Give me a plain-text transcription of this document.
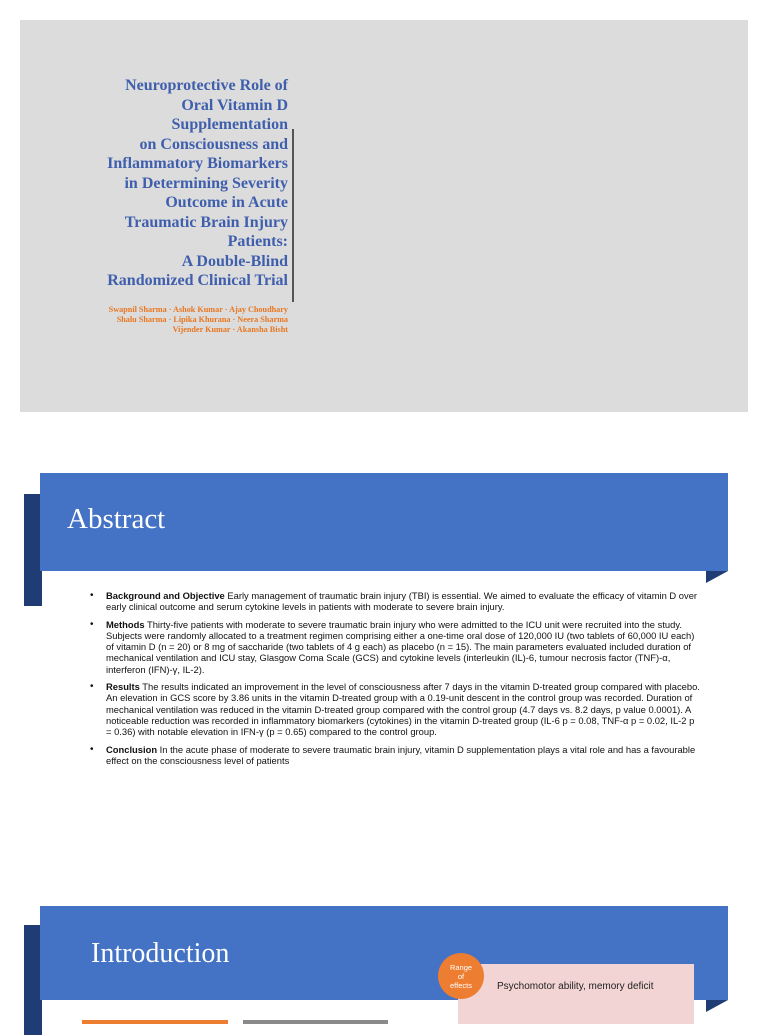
Neuroprotective Role of
Oral Vitamin D
Supplementation
on Consciousness and
Inflammatory Biomarkers
in Determining Severity
Outcome in Acute
Traumatic Brain Injury
Patients:
A Double-Blind
Randomized Clinical Trial
Swapnil Sharma · Ashok Kumar · Ajay Choudhary
Shalu Sharma · Lipika Khurana · Neera Sharma
Vijender Kumar · Akansha Bisht
Abstract
• Background and Objective Early management of traumatic brain injury (TBI) is essential. We aimed to evaluate the efficacy of vitamin D over early clinical outcome and serum cytokine levels in patients with moderate to severe brain injury.
• Methods Thirty-five patients with moderate to severe traumatic brain injury who were admitted to the ICU unit were recruited into the study. Subjects were randomly allocated to a treatment regimen comprising either a one-time oral dose of 120,000 IU (two tablets of 60,000 IU each) of vitamin D (n = 20) or 8 mg of saccharide (two tablets of 4 g each) as placebo (n = 15). The main parameters evaluated included duration of mechanical ventilation and ICU stay, Glasgow Coma Scale (GCS) and cytokine levels (interleukin (IL)-6, tumour necrosis factor (TNF)-α, interferon (IFN)-γ, IL-2).
• Results The results indicated an improvement in the level of consciousness after 7 days in the vitamin D-treated group compared with placebo. An elevation in GCS score by 3.86 units in the vitamin D-treated group with a 0.19-unit descent in the control group was recorded. Duration of mechanical ventilation was reduced in the vitamin D-treated group compared with the control group (4.7 days vs. 8.2 days, p value 0.0001). A noticeable reduction was recorded in inflammatory biomarkers (cytokines) in the vitamin D-treated group (IL-6 p = 0.08, TNF-α p = 0.02, IL-2 p = 0.36) with notable elevation in IFN-γ (p = 0.65) compared to the control group.
• Conclusion In the acute phase of moderate to severe traumatic brain injury, vitamin D supplementation plays a vital role and has a favourable effect on the consciousness level of patients
Introduction
Psychomotor ability, memory deficit
Range
of
effects
